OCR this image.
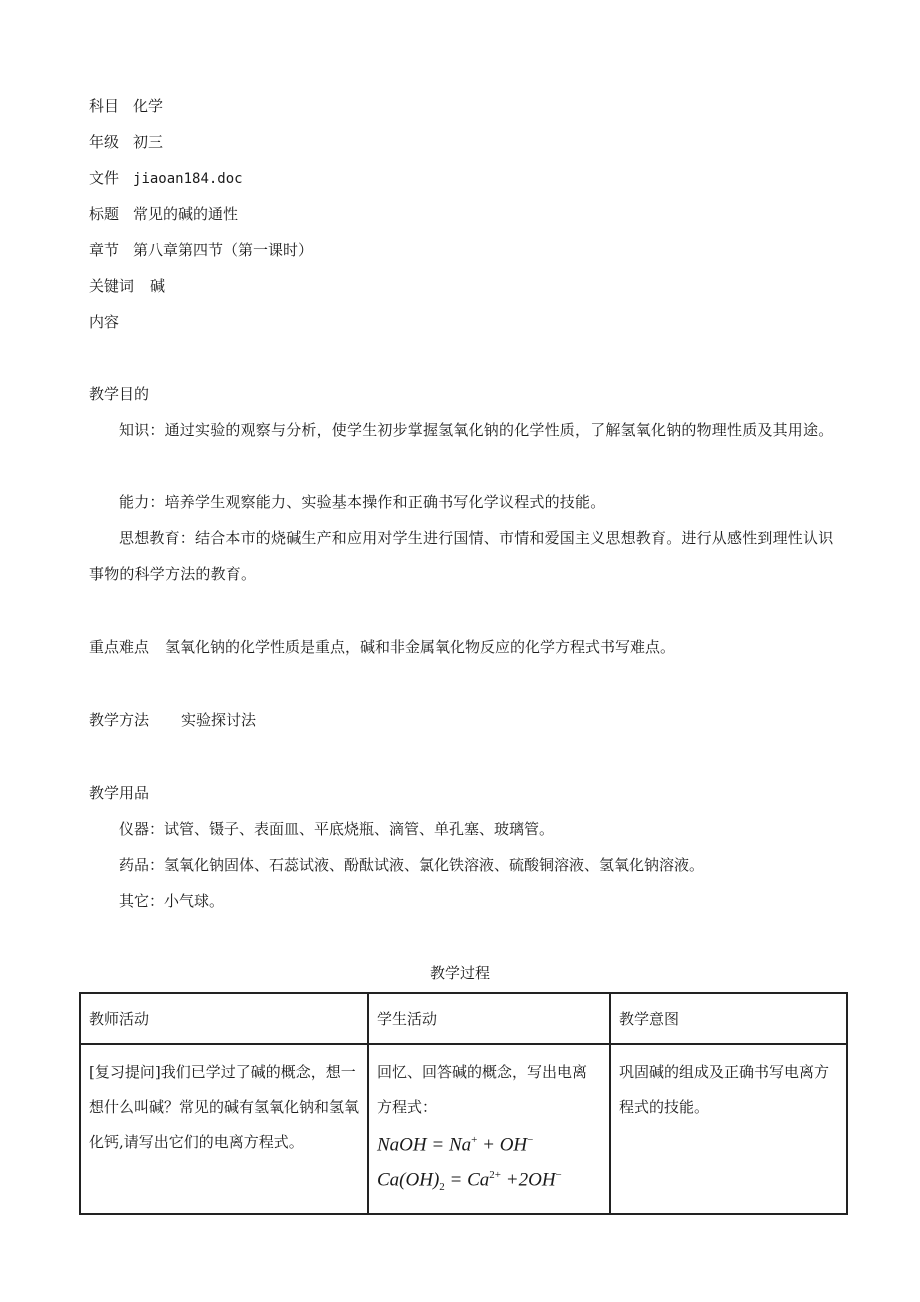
科目 化学
年级 初三
文件 jiaoan184.doc
标题 常见的碱的通性
章节 第八章第四节（第一课时）
关键词 碱
内容
教学目的
知识：通过实验的观察与分析，使学生初步掌握氢氧化钠的化学性质，了解氢氧化钠的物理性质及其用途。
能力：培养学生观察能力、实验基本操作和正确书写化学议程式的技能。
思想教育：结合本市的烧碱生产和应用对学生进行国情、市情和爱国主义思想教育。进行从感性到理性认识事物的科学方法的教育。
重点难点 氢氧化钠的化学性质是重点，碱和非金属氧化物反应的化学方程式书写难点。
教学方法 实验探讨法
教学用品
仪器：试管、镊子、表面皿、平底烧瓶、滴管、单孔塞、玻璃管。
药品：氢氧化钠固体、石蕊试液、酚酞试液、氯化铁溶液、硫酸铜溶液、氢氧化钠溶液。
其它：小气球。
教学过程
教师活动	学生活动	教学意图
[复习提问]我们已学过了碱的概念，想一想什么叫碱？常见的碱有氢氧化钠和氢氧化钙,请写出它们的电离方程式。	回忆、回答碱的概念，写出电离方程式：
NaOH = Na+ + OH−
$Ca(OH)_2 = Ca^{2+} +2OH^-$	巩固碱的组成及正确书写电离方程式的技能。
